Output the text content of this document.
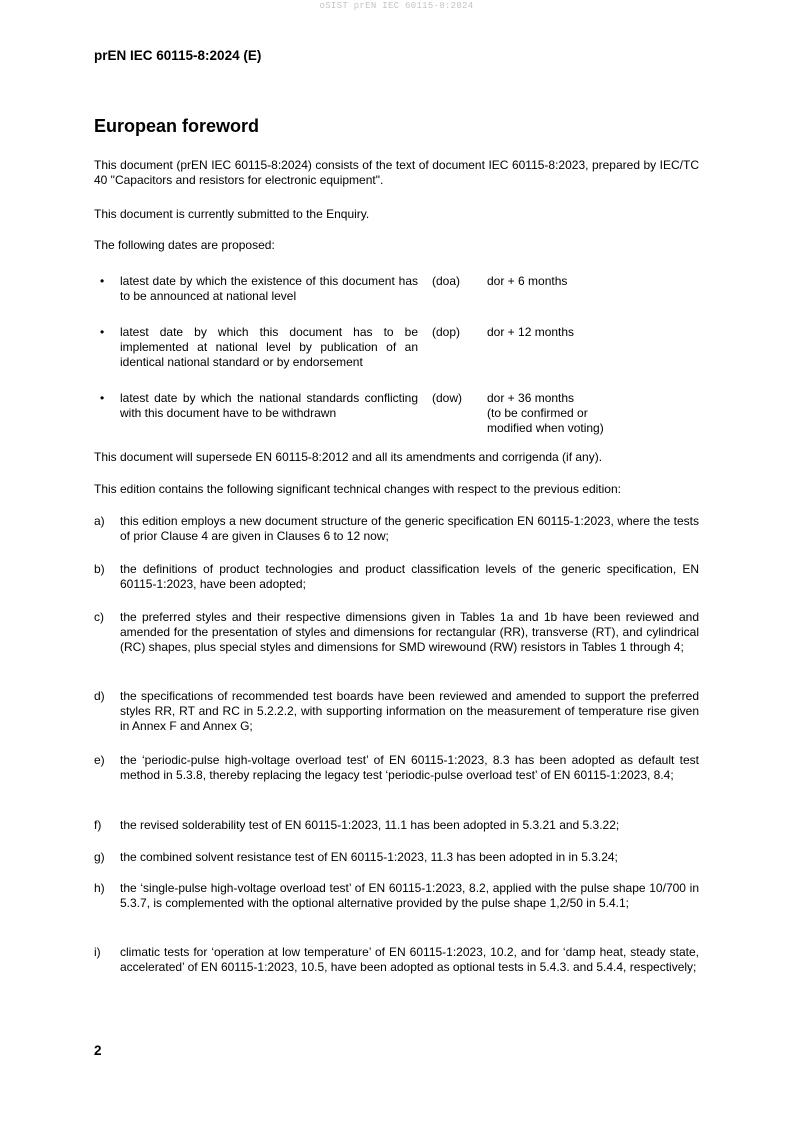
oSIST prEN IEC 60115-8:2024
prEN IEC 60115-8:2024 (E)
European foreword
This document (prEN IEC 60115-8:2024) consists of the text of document IEC 60115-8:2023, prepared by IEC/TC 40 "Capacitors and resistors for electronic equipment".
This document is currently submitted to the Enquiry.
The following dates are proposed:
• latest date by which the existence of this document has to be announced at national level
(doa) dor + 6 months
• latest date by which this document has to be implemented at national level by publication of an identical national standard or by endorsement
(dop) dor + 12 months
• latest date by which the national standards conflicting with this document have to be withdrawn
(dow) dor + 36 months
(to be confirmed or
modified when voting)
This document will supersede EN 60115-8:2012 and all its amendments and corrigenda (if any).
This edition contains the following significant technical changes with respect to the previous edition:
a) this edition employs a new document structure of the generic specification EN 60115-1:2023, where the tests of prior Clause 4 are given in Clauses 6 to 12 now;
b) the definitions of product technologies and product classification levels of the generic specification, EN 60115-1:2023, have been adopted;
c) the preferred styles and their respective dimensions given in Tables 1a and 1b have been reviewed and amended for the presentation of styles and dimensions for rectangular (RR), transverse (RT), and cylindrical (RC) shapes, plus special styles and dimensions for SMD wirewound (RW) resistors in Tables 1 through 4;
d) the specifications of recommended test boards have been reviewed and amended to support the preferred styles RR, RT and RC in 5.2.2.2, with supporting information on the measurement of temperature rise given in Annex F and Annex G;
e) the ‘periodic-pulse high-voltage overload test’ of EN 60115-1:2023, 8.3 has been adopted as default test method in 5.3.8, thereby replacing the legacy test ‘periodic-pulse overload test’ of EN 60115-1:2023, 8.4;
f) the revised solderability test of EN 60115-1:2023, 11.1 has been adopted in 5.3.21 and 5.3.22;
g) the combined solvent resistance test of EN 60115-1:2023, 11.3 has been adopted in in 5.3.24;
h) the ‘single-pulse high-voltage overload test’ of EN 60115-1:2023, 8.2, applied with the pulse shape 10/700 in 5.3.7, is complemented with the optional alternative provided by the pulse shape 1,2/50 in 5.4.1;
i) climatic tests for ‘operation at low temperature’ of EN 60115-1:2023, 10.2, and for ‘damp heat, steady state, accelerated’ of EN 60115-1:2023, 10.5, have been adopted as optional tests in 5.4.3. and 5.4.4, respectively;
2
